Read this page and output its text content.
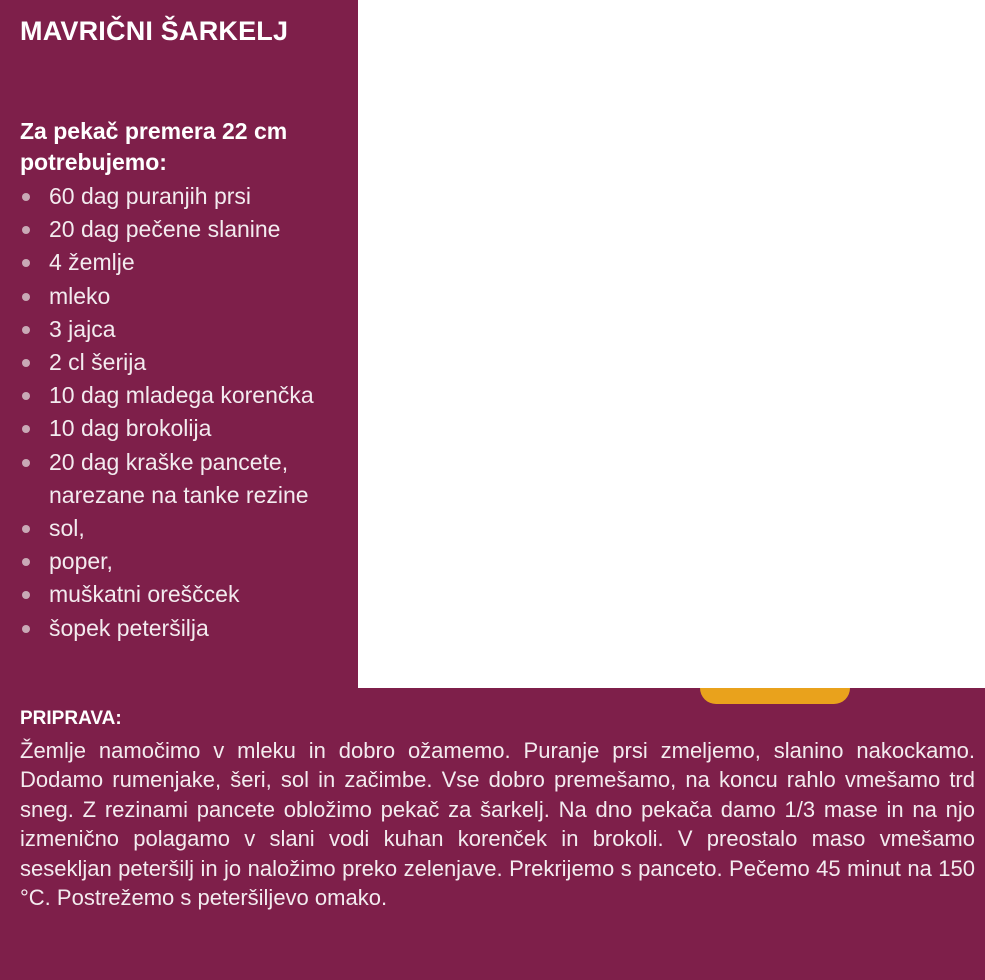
MAVRIČNI ŠARKELJ
Za pekač premera 22 cm potrebujemo:
60 dag puranjih prsi
20 dag pečene slanine
4 žemlje
mleko
3 jajca
2 cl šerija
10 dag mladega korenčka
10 dag brokolija
20 dag kraške pancete, narezane na tanke rezine
sol,
poper,
muškatni oreščcek
šopek peteršilja
PRIPRAVA:

Žemlje namočimo v mleku in dobro ožamemo. Puranje prsi zmeljemo, slanino nakockamo. Dodamo rumenjake, šeri, sol in začimbe. Vse dobro premešamo, na koncu rahlo vmešamo trd sneg. Z rezinami pancete obložimo pekač za šarkelj. Na dno pekača damo 1/3 mase in na njo izmenično polagamo v slani vodi kuhan korenček in brokoli. V preostalo maso vmešamo sesekljan peteršilj in jo naložimo preko zelenjave. Prekrijemo s panceto. Pečemo 45 minut na 150 °C. Postrežemo s peteršiljevo omako.
